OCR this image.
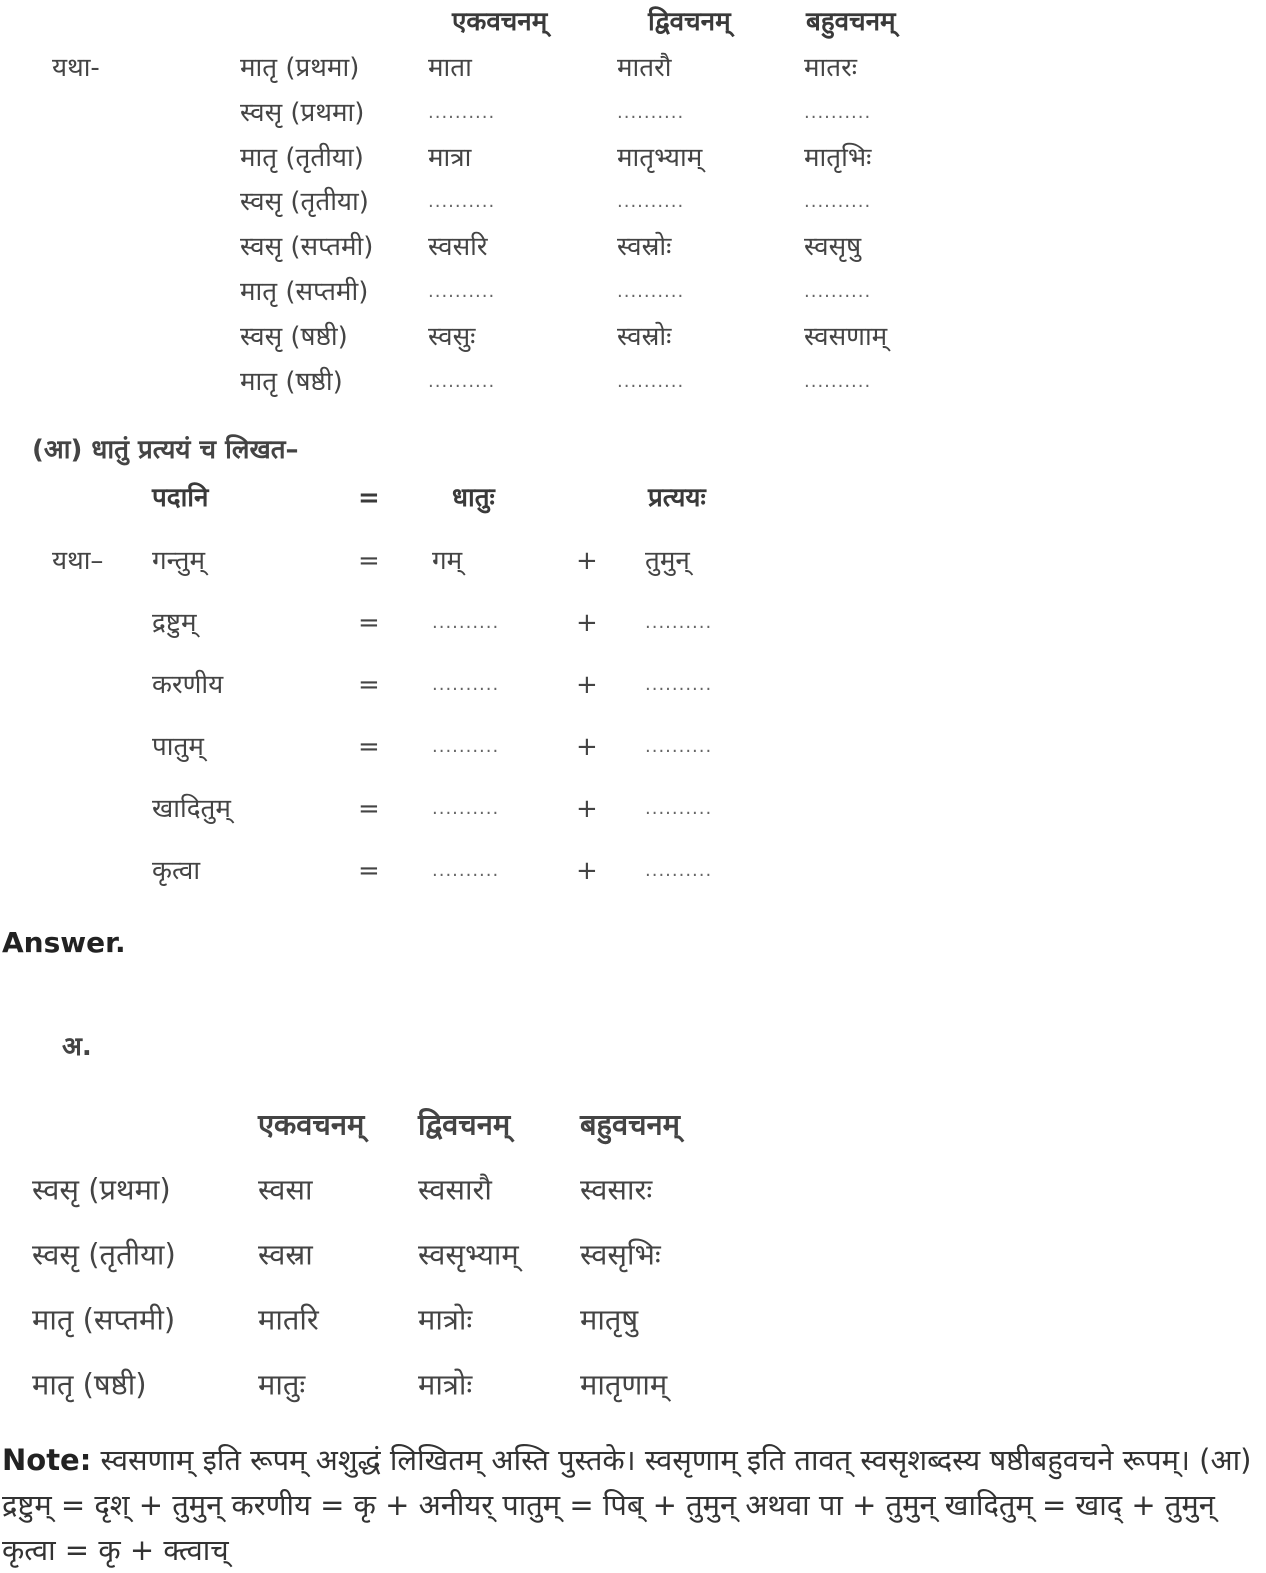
यथा-
(आ) धातुं प्रत्ययं च लिखत–
यथा–
Answer.
अ.
एकवचनम्	द्विवचनम्	बहुवचनम्
मातृ (प्रथमा)	माता	मातरौ	मातरः
स्वसृ (प्रथमा)	..........	..........	..........
मातृ (तृतीया) मात्रा	मातृभ्याम्	मातृभिः
स्वसृ (तृतीया)	..........	..........	..........
स्वसृ (सप्तमी) स्वसरि	स्वस्रोः	स्वसृषु
मातृ (सप्तमी)	..........	..........	..........
स्वसृ (षष्ठी)	स्वसुः	स्वस्रोः	स्वसणाम्
मातृ (षष्ठी)	..........	..........	..........
पदानि	=	धातुः	प्रत्ययः
गन्तुम्	= गम्	+ तुमुन्
द्रष्टुम्	=	..........	+	..........
करणीय	=	..........	+	..........
पातुम्	=	..........	+	..........
खादितुम्	=	..........	+	..........
कृत्वा	=	..........	+	..........
एकवचनम् द्विवचनम् बहुवचनम्
स्वसृ (प्रथमा)	स्वसा	स्वसारौ	स्वसारः
स्वसृ (तृतीया)	स्वस्रा	स्वसृभ्याम् स्वसृभिः
मातृ (सप्तमी)	मातरि	मात्रोः	मातृषु
मातृ (षष्ठी)	मातुः	मात्रोः	मातृणाम्
Note: स्वसणाम् इति रूपम् अशुद्धं लिखितम् अस्ति पुस्तके। स्वसृणाम् इति तावत् स्वसृशब्दस्य षष्ठीबहुवचने रूपम्। (आ) द्रष्टुम् = दृश् + तुमुन् करणीय = कृ + अनीयर् पातुम् = पिब् + तुमुन् अथवा पा + तुमुन् खादितुम् = खाद् + तुमुन् कृत्वा = कृ + क्त्वाच्
